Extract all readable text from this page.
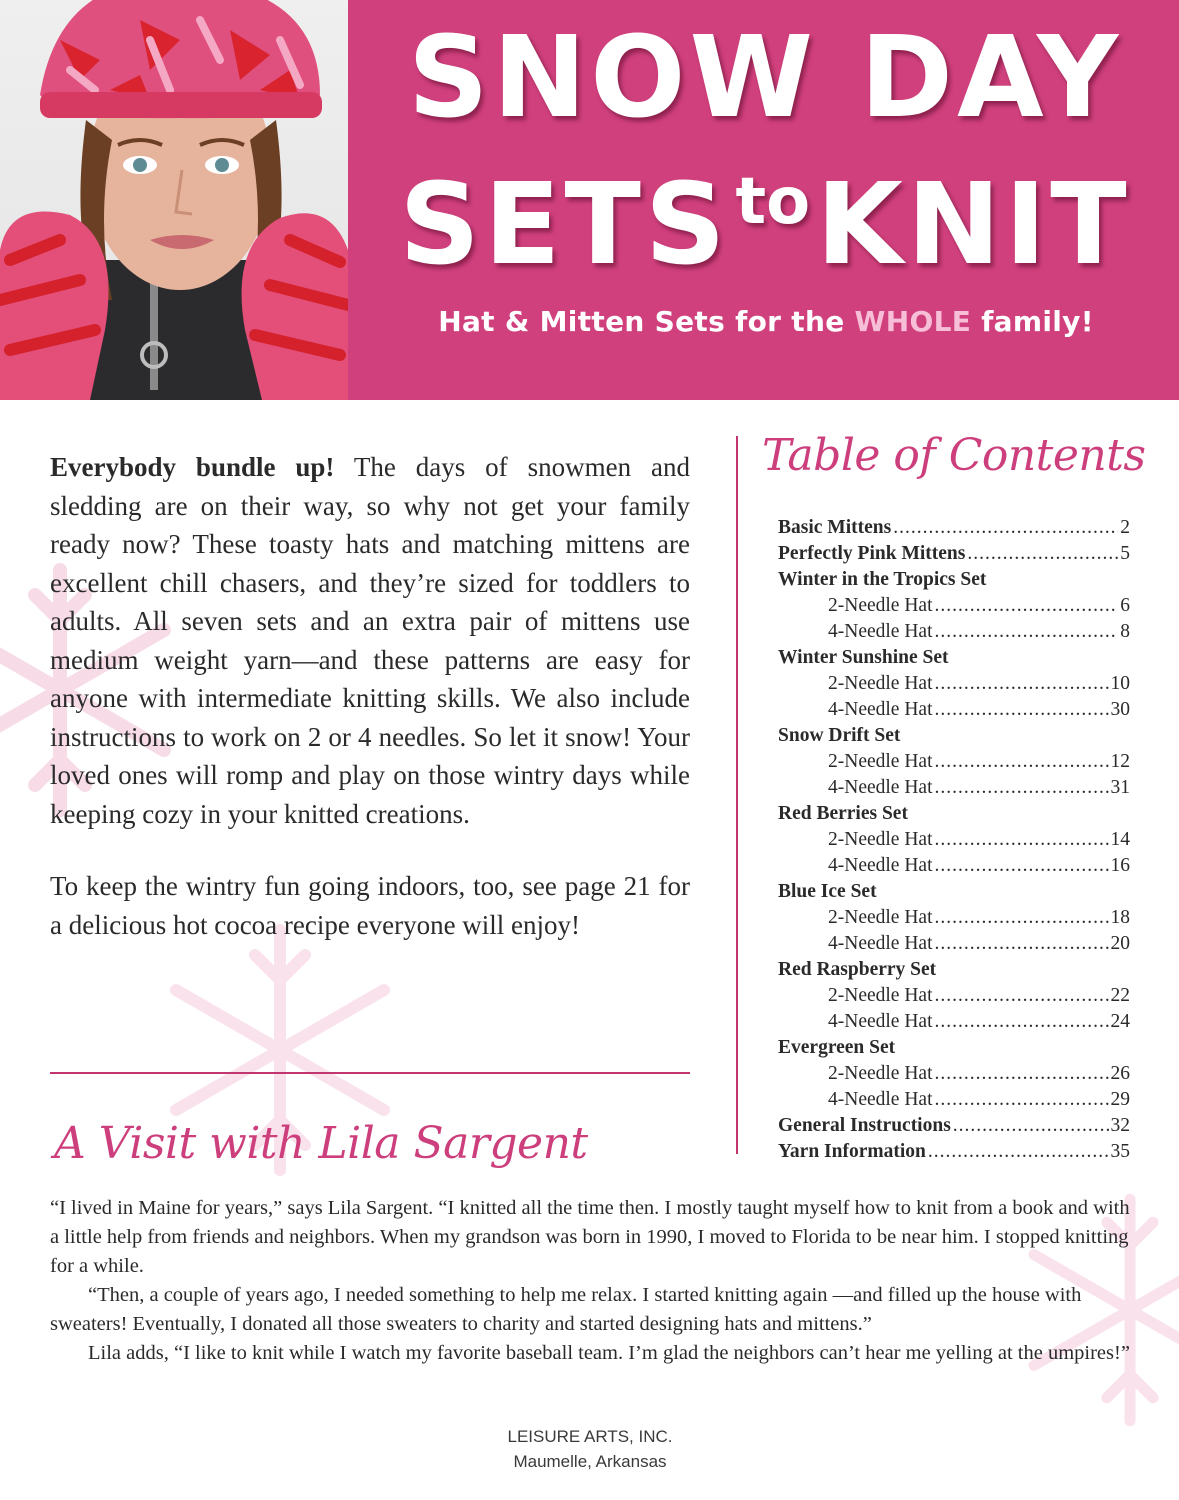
SNOW DAY
$SETS^{to}KNIT$
Hat & Mitten Sets for the WHOLE family!

Everybody bundle up! The days of snowmen and sledding are on their way, so why not get your family ready now? These toasty hats and matching mittens are excellent chill chasers, and they’re sized for toddlers to adults. All seven sets and an extra pair of mittens use medium weight yarn—and these patterns are easy for anyone with intermediate knitting skills. We also include instructions to work on 2 or 4 needles. So let it snow! Your loved ones will romp and play on those wintry days while keeping cozy in your knitted creations.

To keep the wintry fun going indoors, too, see page 21 for a delicious hot cocoa recipe everyone will enjoy!

Table of Contents
Basic Mittens .....	2
Perfectly Pink Mittens .....	5
Winter in the Tropics Set
2-Needle Hat .....	6
4-Needle Hat .....	8
Winter Sunshine Set
2-Needle Hat .....	10
4-Needle Hat .....	30
Snow Drift Set
2-Needle Hat .....	12
4-Needle Hat .....	31
Red Berries Set
2-Needle Hat .....	14
4-Needle Hat .....	16
Blue Ice Set
2-Needle Hat .....	18
4-Needle Hat .....	20
Red Raspberry Set
2-Needle Hat .....	22
4-Needle Hat .....	24
Evergreen Set
2-Needle Hat .....	26
4-Needle Hat .....	29
General Instructions .....	32
Yarn Information .....	35
A Visit with Lila Sargent

“I lived in Maine for years,” says Lila Sargent. “I knitted all the time then. I mostly taught myself how to knit from a book and with a little help from friends and neighbors. When my grandson was born in 1990, I moved to Florida to be near him. I stopped knitting for a while.

“Then, a couple of years ago, I needed something to help me relax. I started knitting again —and filled up the house with sweaters! Eventually, I donated all those sweaters to charity and started designing hats and mittens.”

Lila adds, “I like to knit while I watch my favorite baseball team. I’m glad the neighbors can’t hear me yelling at the umpires!”

LEISURE ARTS, INC.
Maumelle, Arkansas
